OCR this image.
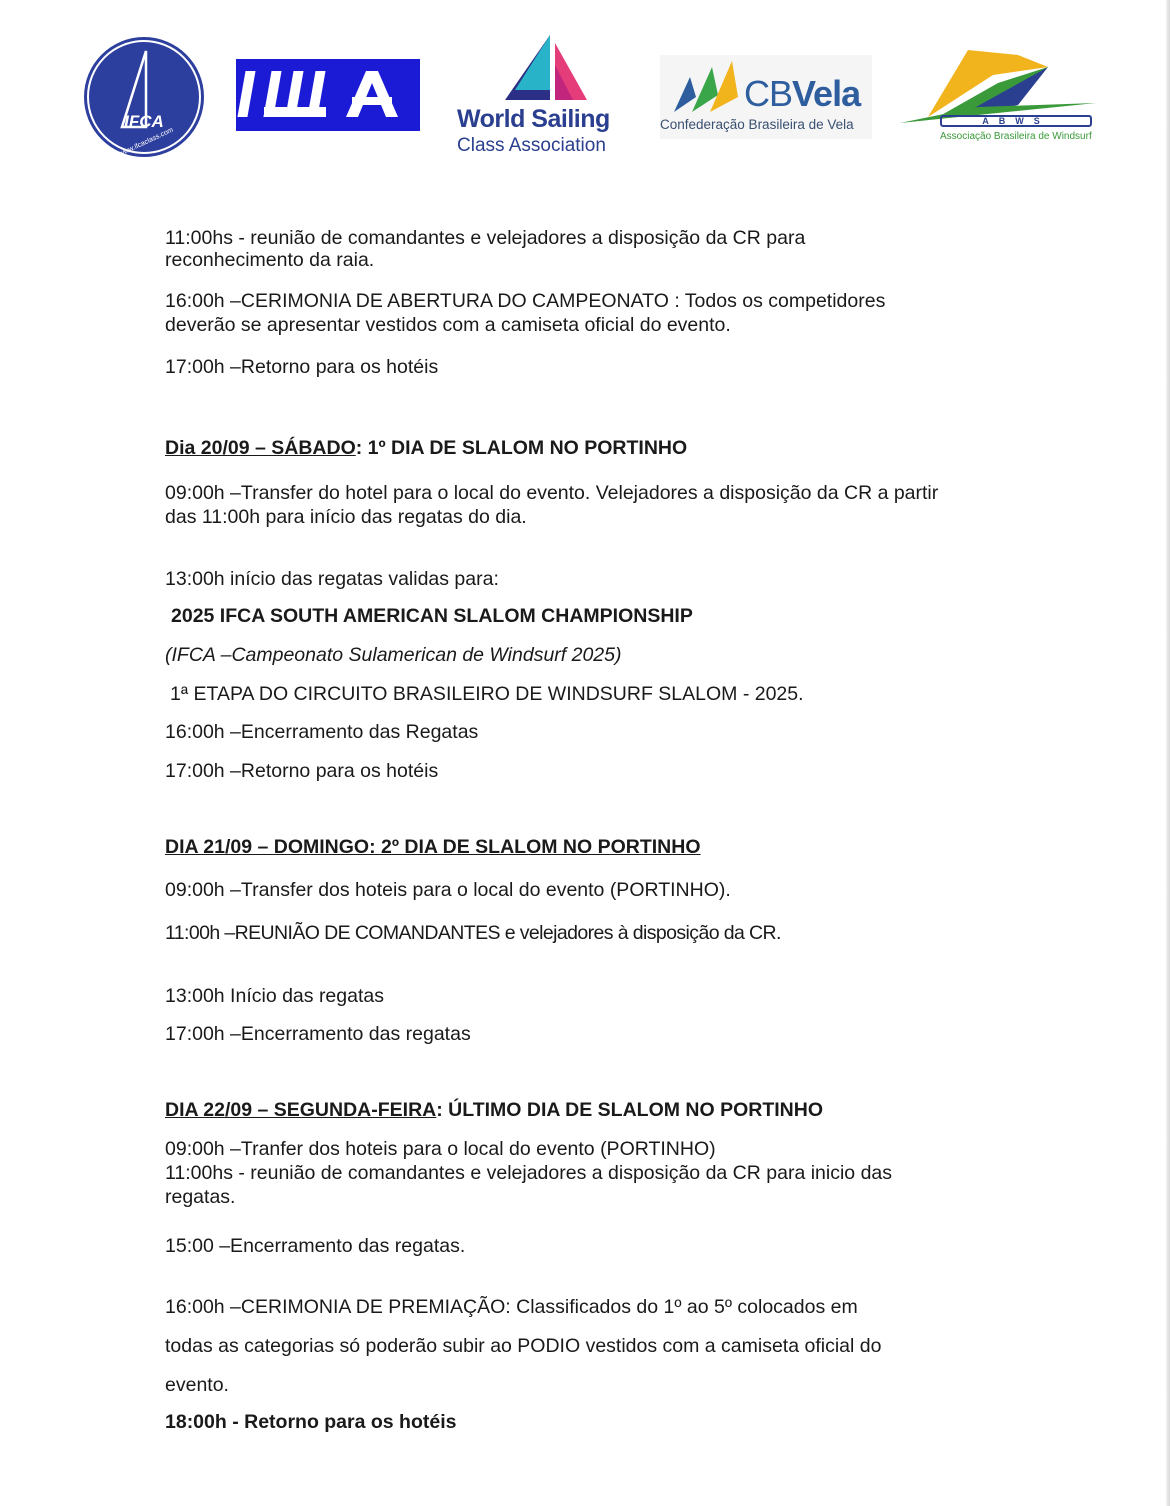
IFCA
www.ifcaclass.com
World Sailing
Class Association
CBVela
Confederação Brasileira de Vela	ABWS
Associação Brasileira de Windsurf

11:00hs - reunião de comandantes e velejadores a disposição da CR para

reconhecimento da raia.

16:00h –CERIMONIA DE ABERTURA DO CAMPEONATO : Todos os competidores

deverão se apresentar vestidos com a camiseta oficial do evento.

17:00h –Retorno para os hotéis

Dia 20/09 – SÁBADO: 1º DIA DE SLALOM NO PORTINHO

09:00h –Transfer do hotel para o local do evento. Velejadores a disposição da CR a partir

das 11:00h para início das regatas do dia.

13:00h início das regatas validas para:

2025 IFCA SOUTH AMERICAN SLALOM CHAMPIONSHIP

(IFCA –Campeonato Sulamerican de Windsurf 2025)

1ª ETAPA DO CIRCUITO BRASILEIRO DE WINDSURF SLALOM - 2025.

16:00h –Encerramento das Regatas

17:00h –Retorno para os hotéis

DIA 21/09 – DOMINGO: 2º DIA DE SLALOM NO PORTINHO

09:00h –Transfer dos hoteis para o local do evento (PORTINHO).

11:00h –REUNIÃO DE COMANDANTES e velejadores à disposição da CR.

13:00h Início das regatas

17:00h –Encerramento das regatas

DIA 22/09 – SEGUNDA-FEIRA: ÚLTIMO DIA DE SLALOM NO PORTINHO

09:00h –Tranfer dos hoteis para o local do evento (PORTINHO)

11:00hs - reunião de comandantes e velejadores a disposição da CR para inicio das

regatas.

15:00 –Encerramento das regatas.

16:00h –CERIMONIA DE PREMIAÇÃO: Classificados do 1º ao 5º colocados em

todas as categorias só poderão subir ao PODIO vestidos com a camiseta oficial do

evento.

18:00h - Retorno para os hotéis
